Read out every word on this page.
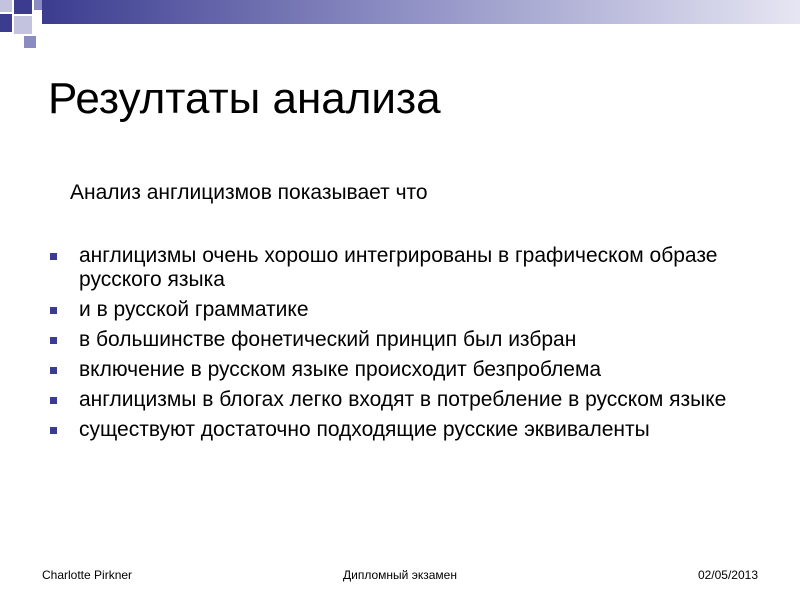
Резултаты анализа
Анализ англицизмов показывает что
англицизмы очень хорошо интегрированы в графическом образе русского языка
и в русской грамматике
в большинстве фонетический принцип был избран
включение в русском языке происходит безпроблема
англицизмы в блогах легко входят в потребление в русском языке
существуют достаточно подходящие русские эквиваленты
Charlotte Pirkner	Дипломный экзамен	02/05/2013
